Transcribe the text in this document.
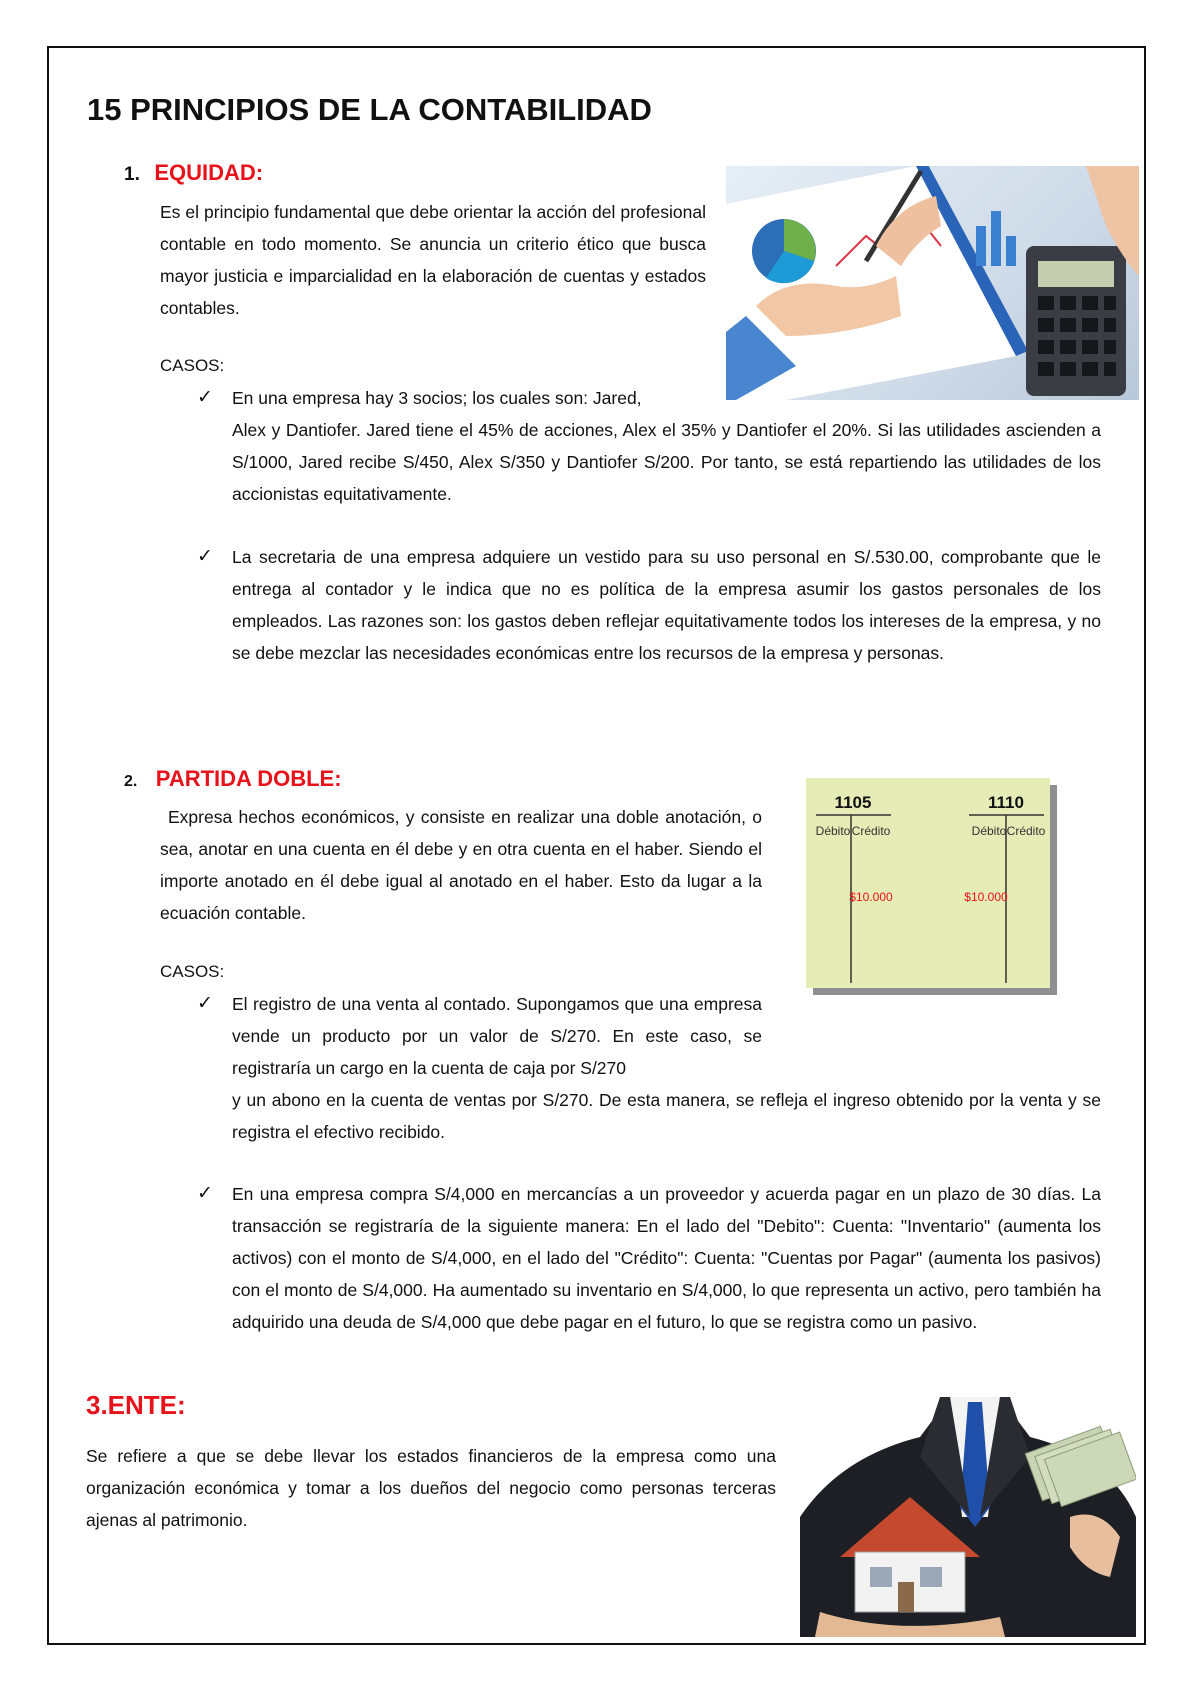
15 PRINCIPIOS DE LA CONTABILIDAD
1. EQUIDAD:

Es el principio fundamental que debe orientar la acción del profesional contable en todo momento. Se anuncia un criterio ético que busca mayor justicia e imparcialidad en la elaboración de cuentas y estados contables.

CASOS:
✓ En una empresa hay 3 socios; los cuales son: Jared,

Alex y Dantiofer. Jared tiene el 45% de acciones, Alex el 35% y Dantiofer el 20%. Si las utilidades ascienden a S/1000, Jared recibe S/450, Alex S/350 y Dantiofer S/200. Por tanto, se está repartiendo las utilidades de los accionistas equitativamente.

✓ La secretaria de una empresa adquiere un vestido para su uso personal en S/.530.00, comprobante que le entrega al contador y le indica que no es política de la empresa asumir los gastos personales de los empleados. Las razones son: los gastos deben reflejar equitativamente todos los intereses de la empresa, y no se debe mezclar las necesidades económicas entre los recursos de la empresa y personas.

2. PARTIDA DOBLE:

Expresa hechos económicos, y consiste en realizar una doble anotación, o sea, anotar en una cuenta en él debe y en otra cuenta en el haber. Siendo el importe anotado en él debe igual al anotado en el haber. Esto da lugar a la ecuación contable.

1105
Débito Crédito
$10.000
1110
Débito Crédito
$10.000
CASOS:
✓ El registro de una venta al contado. Supongamos que una empresa vende un producto por un valor de S/270. En este caso, se registraría un cargo en la cuenta de caja por S/270

y un abono en la cuenta de ventas por S/270. De esta manera, se refleja el ingreso obtenido por la venta y se registra el efectivo recibido.

✓ En una empresa compra S/4,000 en mercancías a un proveedor y acuerda pagar en un plazo de 30 días. La transacción se registraría de la siguiente manera: En el lado del "Debito": Cuenta: "Inventario" (aumenta los activos) con el monto de S/4,000, en el lado del "Crédito": Cuenta: "Cuentas por Pagar" (aumenta los pasivos) con el monto de S/4,000. Ha aumentado su inventario en S/4,000, lo que representa un activo, pero también ha adquirido una deuda de S/4,000 que debe pagar en el futuro, lo que se registra como un pasivo.

3.ENTE:

Se refiere a que se debe llevar los estados financieros de la empresa como una organización económica y tomar a los dueños del negocio como personas terceras ajenas al patrimonio.
